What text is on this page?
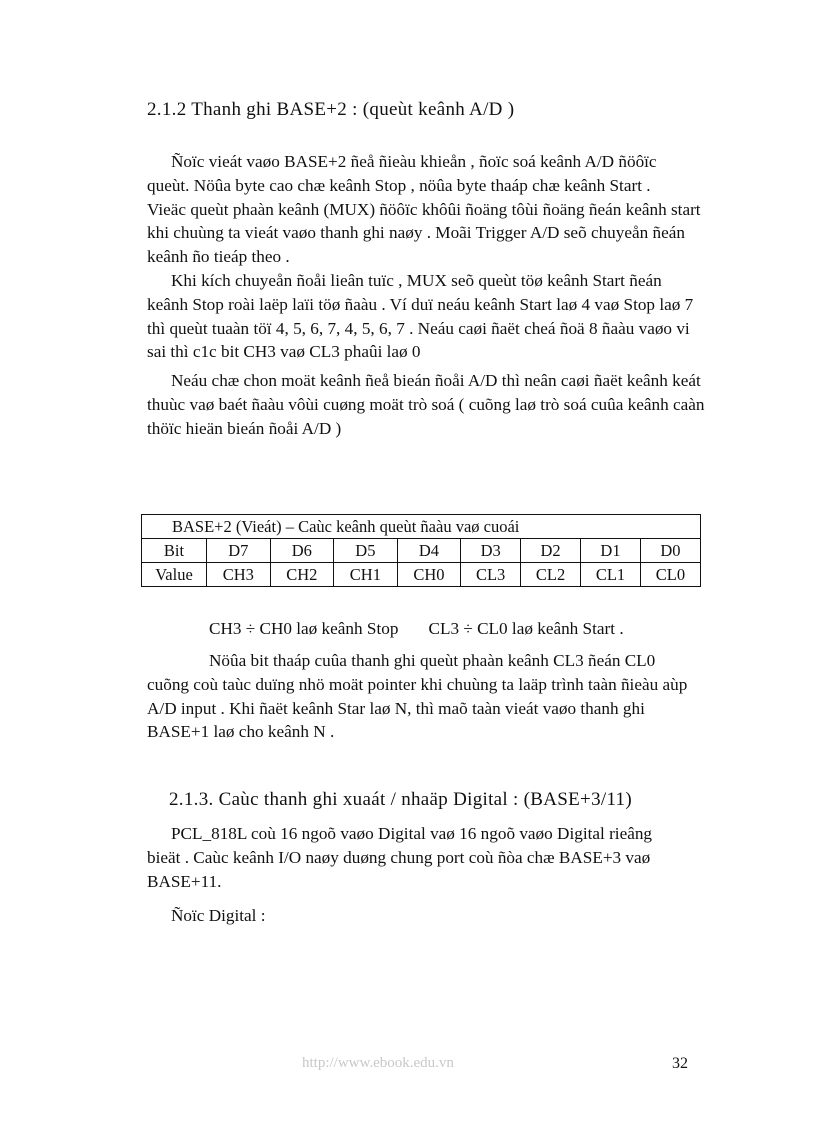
2.1.2 Thanh ghi BASE+2 : (queùt keânh A/D )

Ñoïc vieát vaøo BASE+2 ñeå ñieàu khieån , ñoïc soá keânh A/D ñöôïc
queùt. Nöûa byte cao chæ keânh Stop , nöûa byte thaáp chæ keânh Start .
Vieäc queùt phaàn keânh (MUX) ñöôïc khôûi ñoäng tôùi ñoäng ñeán keânh start
khi chuùng ta vieát vaøo thanh ghi naøy . Moãi Trigger A/D seõ chuyeån ñeán
keânh ño tieáp theo .

Khi kích chuyeån ñoåi lieân tuïc , MUX seõ queùt töø keânh Start ñeán
keânh Stop roài laëp laïi töø ñaàu . Ví duï neáu keânh Start laø 4 vaø Stop laø 7
thì queùt tuaàn töï 4, 5, 6, 7, 4, 5, 6, 7 . Neáu caøi ñaët cheá ñoä 8 ñaàu vaøo vi
sai thì c1c bit CH3 vaø CL3 phaûi laø 0

Neáu chæ chon moät keânh ñeå bieán ñoåi A/D thì neân caøi ñaët keânh keát
thuùc vaø baét ñaàu vôùi cuøng moät trò soá ( cuõng laø trò soá cuûa keânh caàn
thöïc hieän bieán ñoåi A/D )

BASE+2 (Vieát) – Caùc keânh queùt ñaàu vaø cuoái								
Bit	D7	D6	D5	D4	D3	D2	D1	D0
Value	CH3	CH2	CH1	CH0	CL3	CL2	CL1	CL0

CH3 ÷ CH0 laø keânh Stop       CL3 ÷ CL0 laø keânh Start .

Nöûa bit thaáp cuûa thanh ghi queùt phaàn keânh CL3 ñeán CL0
cuõng coù taùc duïng nhö moät pointer khi chuùng ta laäp trình taàn ñieàu aùp
A/D input . Khi ñaët keânh Star laø N, thì maõ taàn vieát vaøo thanh ghi
BASE+1 laø cho keânh N .

2.1.3. Caùc thanh ghi xuaát / nhaäp Digital : (BASE+3/11)

PCL_818L coù 16 ngoõ vaøo Digital vaø 16 ngoõ vaøo Digital rieâng
bieät . Caùc keânh I/O naøy duøng chung port coù ñòa chæ BASE+3 vaø
BASE+11.

Ñoïc Digital :

http://www.ebook.edu.vn	32
